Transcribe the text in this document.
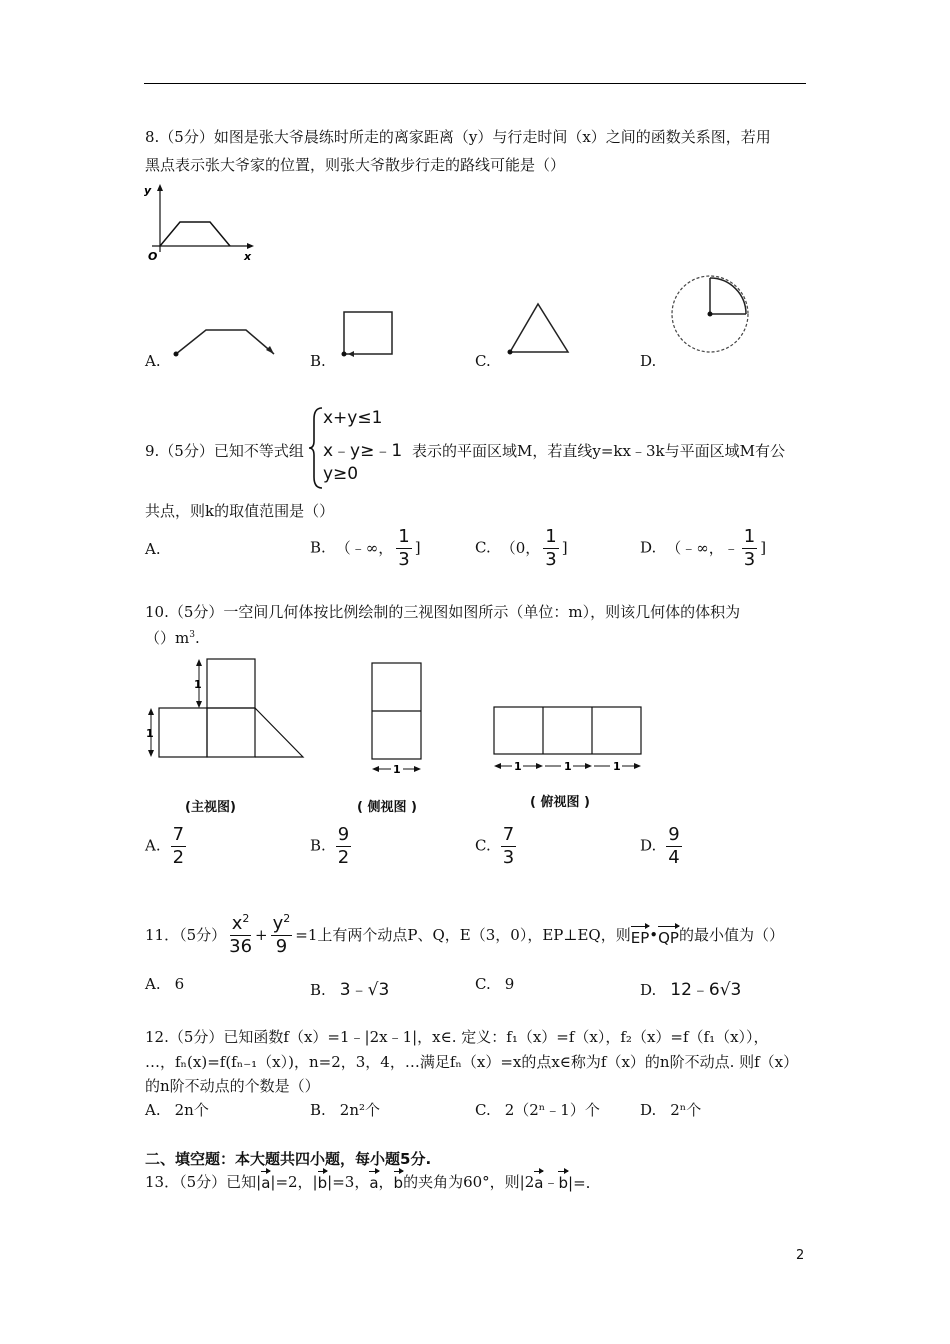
8.（5分）如图是张大爷晨练时所走的离家距离（y）与行走时间（x）之间的函数关系图，若用
黑点表示张大爷家的位置，则张大爷散步行走的路线可能是（）
y
x
O
A.	B.	C.	D.
9.（5分）已知不等式组
x+y≤1
x﹣y≥﹣1
y≥0
表示的平面区域M，若直线y=kx﹣3k与平面区域M有公
共点，则k的取值范围是（）
A.	B. （﹣∞， $\frac{1}{3}$ ]	C. （0， $\frac{1}{3}$ ]	D. （﹣∞，﹣ $\frac{1}{3}$ ]
10.（5分）一空间几何体按比例绘制的三视图如图所示（单位：m），则该几何体的体积为
$()m^3$.
1
1
(主视图)
1
( 侧视图 )
1	1	1
( 俯视图 )
A. $\frac{7}{2}$	B. $\frac{9}{2}$	C. $\frac{7}{3}$	D. $\frac{9}{4}$
11．（5分） $\frac{x^2}{36} + \frac{y^2}{9} =1$ 上有两个动点P、Q，E（3，0），EP⊥EQ，则 EP • QP 的最小值为（）
A. 6	B. 3﹣√3	C. 9	D. 12﹣6√3
12.（5分）已知函数f（x）=1﹣|2x﹣1|，x∈. 定义：f₁（x）=f（x），f₂（x）=f（f₁（x）），
…，fₙ(x)=f(fₙ₋₁（x）)，n=2，3，4，…满足fₙ（x）=x的点x∈称为f（x）的n阶不动点. 则f（x）
的n阶不动点的个数是（）
A. 2n个	B. 2n²个	C. 2（2ⁿ﹣1）个	D. 2ⁿ个
二、填空题：本大题共四小题，每小题5分.
13．（5分）已知| a |=2，| b |=3， a ， b 的夹角为60°，则|2 a ﹣ b |=.
2
